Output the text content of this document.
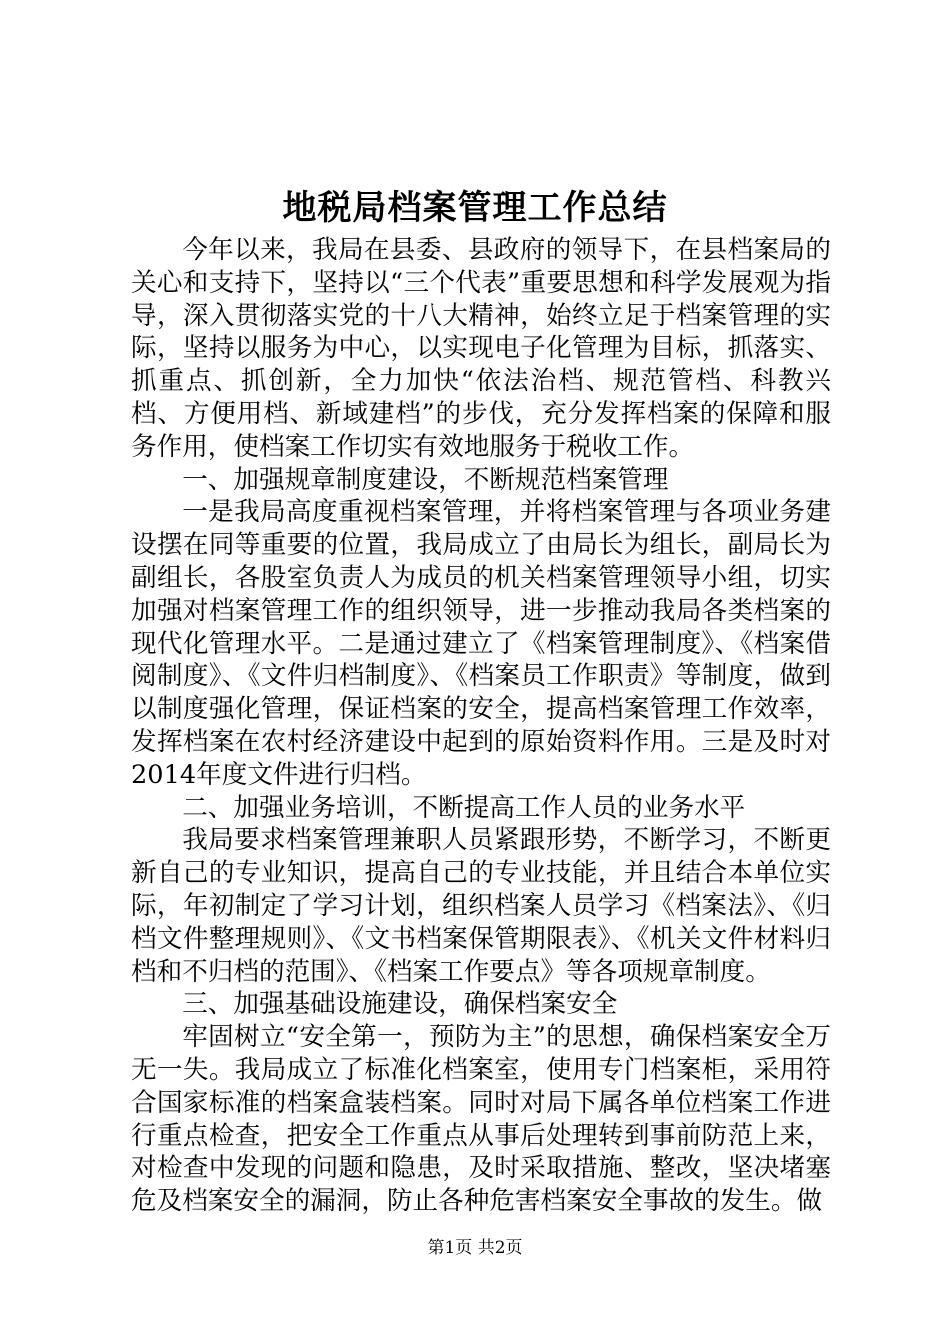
地税局档案管理工作总结

今年以来，我局在县委、县政府的领导下，在县档案局的关心和支持下，坚持以“三个代表”重要思想和科学发展观为指导，深入贯彻落实党的十八大精神，始终立足于档案管理的实际，坚持以服务为中心，以实现电子化管理为目标，抓落实、抓重点、抓创新，全力加快“依法治档、规范管档、科教兴档、方便用档、新域建档”的步伐，充分发挥档案的保障和服务作用，使档案工作切实有效地服务于税收工作。

一、加强规章制度建设，不断规范档案管理

一是我局高度重视档案管理，并将档案管理与各项业务建设摆在同等重要的位置，我局成立了由局长为组长，副局长为副组长，各股室负责人为成员的机关档案管理领导小组，切实加强对档案管理工作的组织领导，进一步推动我局各类档案的现代化管理水平。二是通过建立了《档案管理制度》、《档案借阅制度》、《文件归档制度》、《档案员工作职责》等制度，做到以制度强化管理，保证档案的安全，提高档案管理工作效率，发挥档案在农村经济建设中起到的原始资料作用。三是及时对2014年度文件进行归档。

二、加强业务培训，不断提高工作人员的业务水平

我局要求档案管理兼职人员紧跟形势，不断学习，不断更新自己的专业知识，提高自己的专业技能，并且结合本单位实际，年初制定了学习计划，组织档案人员学习《档案法》、《归档文件整理规则》、《文书档案保管期限表》、《机关文件材料归档和不归档的范围》、《档案工作要点》等各项规章制度。

三、加强基础设施建设，确保档案安全

牢固树立“安全第一，预防为主”的思想，确保档案安全万无一失。我局成立了标准化档案室，使用专门档案柜，采用符合国家标准的档案盒装档案。同时对局下属各单位档案工作进行重点检查，把安全工作重点从事后处理转到事前防范上来，对检查中发现的问题和隐患，及时采取措施、整改，坚决堵塞危及档案安全的漏洞，防止各种危害档案安全事故的发生。做

第1页 共2页
